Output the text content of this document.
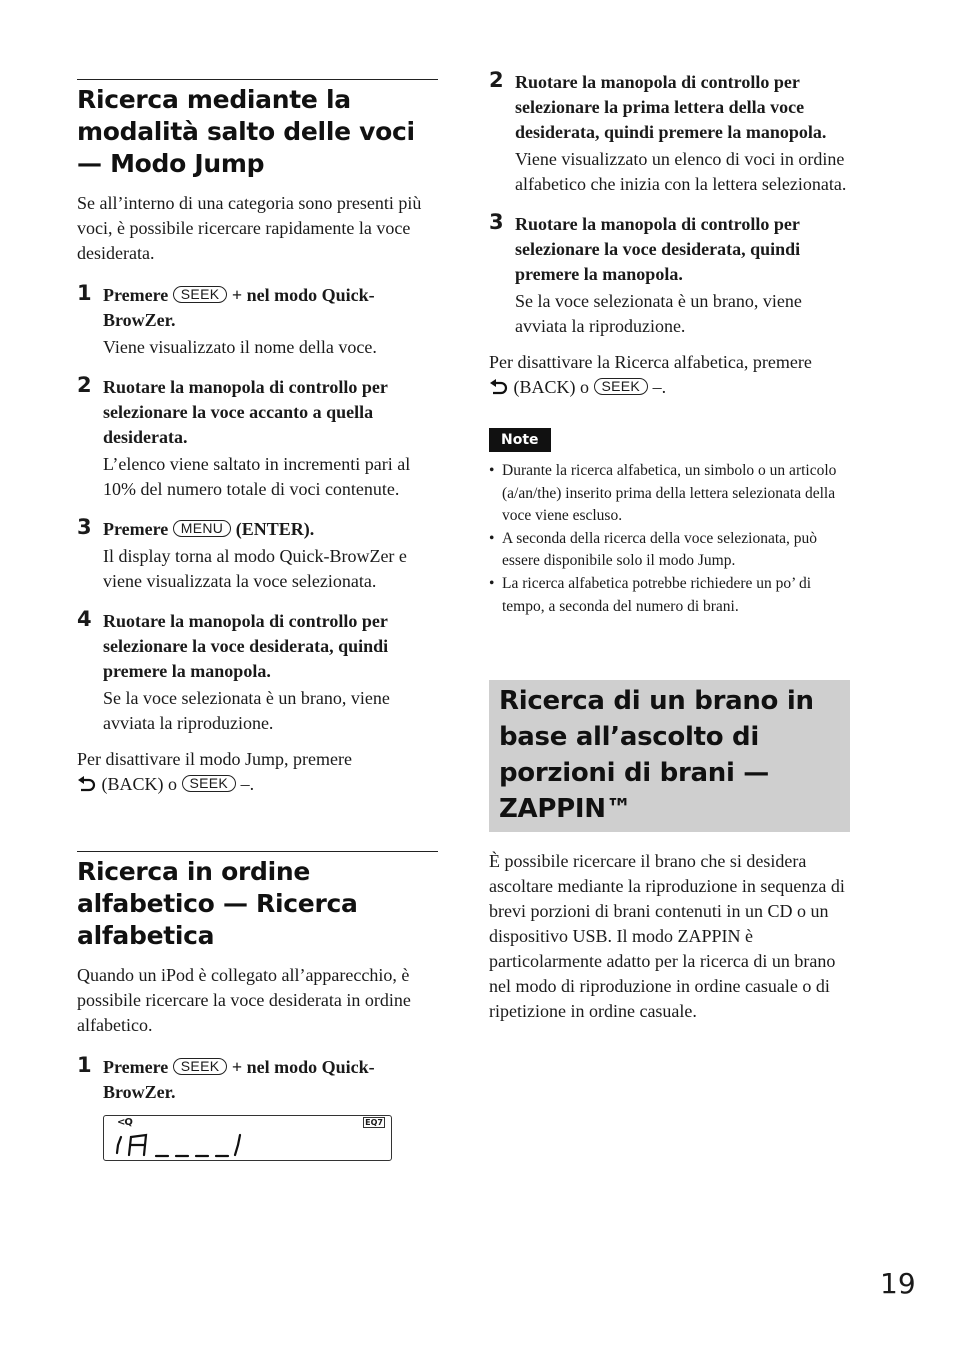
Ricerca mediante la modalità salto delle voci — Modo Jump

Se all’interno di una categoria sono presenti più voci, è possibile ricercare rapidamente la voce desiderata.

1 Premere SEEK + nel modo Quick-BrowZer.

Viene visualizzato il nome della voce.

2 Ruotare la manopola di controllo per selezionare la voce accanto a quella desiderata.

L’elenco viene saltato in incrementi pari al 10% del numero totale di voci contenute.

3 Premere MENU (ENTER).

Il display torna al modo Quick-BrowZer e viene visualizzata la voce selezionata.

4 Ruotare la manopola di controllo per selezionare la voce desiderata, quindi premere la manopola.

Se la voce selezionata è un brano, viene avviata la riproduzione.

Per disattivare il modo Jump, premere
(BACK) o SEEK –.

Ricerca in ordine alfabetico — Ricerca alfabetica

Quando un iPod è collegato all’apparecchio, è possibile ricercare la voce desiderata in ordine alfabetico.

1 Premere SEEK + nel modo Quick-BrowZer.
<Q	EQ7
2 Ruotare la manopola di controllo per selezionare la prima lettera della voce desiderata, quindi premere la manopola.

Viene visualizzato un elenco di voci in ordine alfabetico che inizia con la lettera selezionata.

3 Ruotare la manopola di controllo per selezionare la voce desiderata, quindi premere la manopola.

Se la voce selezionata è un brano, viene avviata la riproduzione.

Per disattivare la Ricerca alfabetica, premere
(BACK) o SEEK –.

Note
• Durante la ricerca alfabetica, un simbolo o un articolo (a/an/the) inserito prima della lettera selezionata della voce viene escluso.
• A seconda della ricerca della voce selezionata, può essere disponibile solo il modo Jump.
• La ricerca alfabetica potrebbe richiedere un po’ di tempo, a seconda del numero di brani.
Ricerca di un brano in base all’ascolto di porzioni di brani — ZAPPIN™

È possibile ricercare il brano che si desidera ascoltare mediante la riproduzione in sequenza di brevi porzioni di brani contenuti in un CD o un dispositivo USB. Il modo ZAPPIN è particolarmente adatto per la ricerca di un brano nel modo di riproduzione in ordine casuale o di ripetizione in ordine casuale.

19
